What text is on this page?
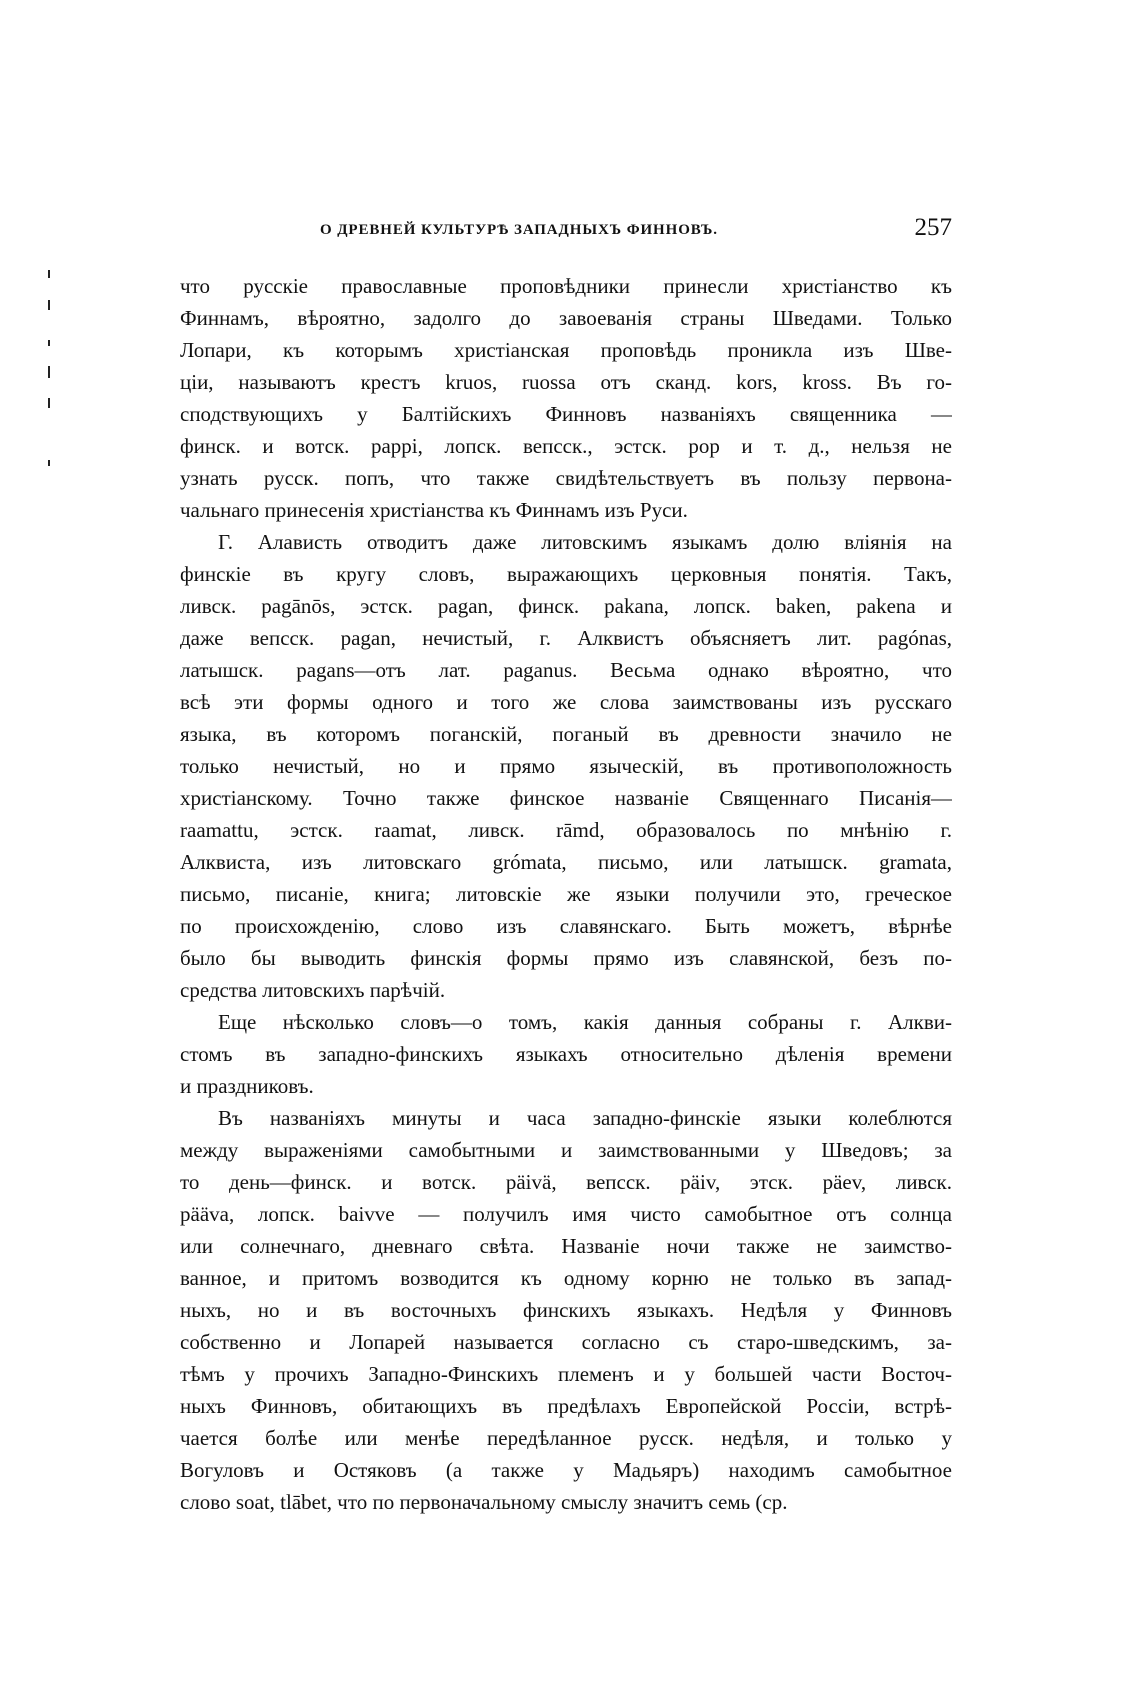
О ДРЕВНЕЙ КУЛЬТУРѢ ЗАПАДНЫХЪ ФИННОВЪ.	257
что русскіе православные проповѣдники принесли христіанство къ
Финнамъ, вѣроятно, задолго до завоеванія страны Шведами. Только
Лопари, къ которымъ христіанская проповѣдь проникла изъ Шве-
ціи, называютъ крестъ kruos, ruossa отъ сканд. kors, kross. Въ го-
сподствующихъ у Балтійскихъ Финновъ названіяхъ священника —
финск. и вотск. pappi, лопск. вепсск., эстск. pop и т. д., нельзя не
узнать русск. попъ, что также свидѣтельствуетъ въ пользу первона-
чальнаго принесенія христіанства къ Финнамъ изъ Руси.
Г. Алависть отводитъ даже литовскимъ языкамъ долю вліянія на
финскіе въ кругу словъ, выражающихъ церковныя понятія. Такъ,
ливск. pagānōs, эстск. pagan, финск. pakana, лопск. baken, pakena и
даже вепсск. pagan, нечистый, г. Алквистъ объясняетъ лит. pagónas,
латышск. pagans—отъ лат. paganus. Весьма однако вѣроятно, что
всѣ эти формы одного и того же слова заимствованы изъ русскаго
языка, въ которомъ поганскій, поганый въ древности значило не
только нечистый, но и прямо языческій, въ противоположность
христіанскому. Точно также финское названіе Священнаго Писанія—
raamattu, эстск. raamat, ливск. rāmd, образовалось по мнѣнію г.
Алквиста, изъ литовскаго grómata, письмо, или латышск. gramata,
письмо, писаніе, книга; литовскіе же языки получили это, греческое
по происхожденію, слово изъ славянскаго. Быть можетъ, вѣрнѣе
было бы выводить финскія формы прямо изъ славянской, безъ по-
средства литовскихъ парѣчій.
Еще нѣсколько словъ—о томъ, какія данныя собраны г. Алкви-
стомъ въ западно-финскихъ языкахъ относительно дѣленія времени
и праздниковъ.
Въ названіяхъ минуты и часа западно-финскіе языки колеблются
между выраженіями самобытными и заимствованными у Шведовъ; за
то день—финск. и вотск. päivä, вепсск. päiv, этск. päev, ливск.
pääva, лопск. baivve — получилъ имя чисто самобытное отъ солнца
или солнечнаго, дневнаго свѣта. Названіе ночи также не заимство-
ванное, и притомъ возводится къ одному корню не только въ запад-
ныхъ, но и въ восточныхъ финскихъ языкахъ. Недѣля у Финновъ
собственно и Лопарей называется согласно съ старо-шведскимъ, за-
тѣмъ у прочихъ Западно-Финскихъ племенъ и у большей части Восточ-
ныхъ Финновъ, обитающихъ въ предѣлахъ Европейской Россіи, встрѣ-
чается болѣе или менѣе передѣланное русск. недѣля, и только у
Вогуловъ и Остяковъ (а также у Мадьяръ) находимъ самобытное
слово soat, tlābet, что по первоначальному смыслу значитъ семь (ср.
